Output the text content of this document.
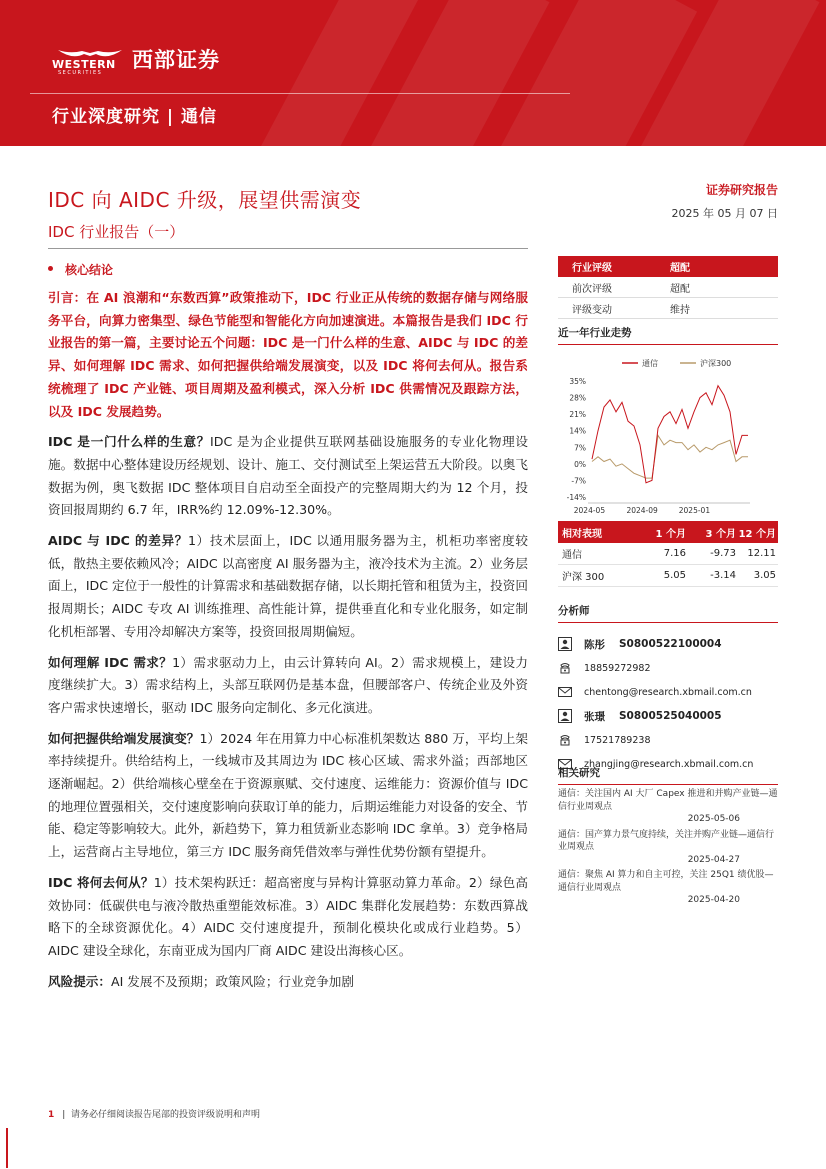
WESTERN
SECURITIES
西部证券
行业深度研究 | 通信
IDC 向 AIDC 升级，展望供需演变
IDC 行业报告（一）
证券研究报告
2025 年 05 月 07 日
核心结论

引言：在 AI 浪潮和“东数西算”政策推动下，IDC 行业正从传统的数据存储与网络服务平台，向算力密集型、绿色节能型和智能化方向加速演进。本篇报告是我们 IDC 行业报告的第一篇，主要讨论五个问题：IDC 是一门什么样的生意、AIDC 与 IDC 的差异、如何理解 IDC 需求、如何把握供给端发展演变，以及 IDC 将何去何从。报告系统梳理了 IDC 产业链、项目周期及盈利模式，深入分析 IDC 供需情况及跟踪方法，以及 IDC 发展趋势。

IDC 是一门什么样的生意？IDC 是为企业提供互联网基础设施服务的专业化物理设施。数据中心整体建设历经规划、设计、施工、交付测试至上架运营五大阶段。以奥飞数据为例，奥飞数据 IDC 整体项目自启动至全面投产的完整周期大约为 12 个月，投资回报周期约 6.7 年，IRR%约 12.09%-12.30%。

AIDC 与 IDC 的差异？1）技术层面上，IDC 以通用服务器为主，机柜功率密度较低，散热主要依赖风冷；AIDC 以高密度 AI 服务器为主，液冷技术为主流。2）业务层面上，IDC 定位于一般性的计算需求和基础数据存储，以长期托管和租赁为主，投资回报周期长；AIDC 专攻 AI 训练推理、高性能计算，提供垂直化和专业化服务，如定制化机柜部署、专用冷却解决方案等，投资回报周期偏短。

如何理解 IDC 需求？1）需求驱动力上，由云计算转向 AI。2）需求规模上，建设力度继续扩大。3）需求结构上，头部互联网仍是基本盘，但腰部客户、传统企业及外资客户需求快速增长，驱动 IDC 服务向定制化、多元化演进。

如何把握供给端发展演变？1）2024 年在用算力中心标准机架数达 880 万，平均上架率持续提升。供给结构上，一线城市及其周边为 IDC 核心区域、需求外溢；西部地区逐渐崛起。2）供给端核心壁垒在于资源禀赋、交付速度、运维能力：资源价值与 IDC 的地理位置强相关，交付速度影响向获取订单的能力，后期运维能力对设备的安全、节能、稳定等影响较大。此外，新趋势下，算力租赁新业态影响 IDC 拿单。3）竞争格局上，运营商占主导地位，第三方 IDC 服务商凭借效率与弹性优势份额有望提升。

IDC 将何去何从？1）技术架构跃迁：超高密度与异构计算驱动算力革命。2）绿色高效协同：低碳供电与液冷散热重塑能效标准。3）AIDC 集群化发展趋势：东数西算战略下的全球资源优化。4）AIDC 交付速度提升，预制化模块化或成行业趋势。5）AIDC 建设全球化，东南亚成为国内厂商 AIDC 建设出海核心区。

风险提示：AI 发展不及预期；政策风险；行业竞争加剧

行业评级	超配
前次评级	超配
评级变动	维持
近一年行业走势
通信	沪深300
35%
28%
21%
14%
7%
0%
-7%
-14%
2024-05	2024-09	2025-01
相对表现	1 个月	3 个月 12 个月
通信	7.16	-9.73	12.11
沪深 300	5.05	-3.14	3.05
分析师
陈彤 S0800522100004
18859272982
chentong@research.xbmail.com.cn
张璟 S0800525040005
17521789238
zhangjing@research.xbmail.com.cn
相关研究
通信：关注国内 AI 大厂 Capex 推进和并购产业链—通信行业周观点
2025-05-06
通信：国产算力景气度持续，关注并购产业链—通信行业周观点
2025-04-27
通信：聚焦 AI 算力和自主可控，关注 25Q1 绩优股—通信行业周观点
2025-04-20
1 |  请务必仔细阅读报告尾部的投资评级说明和声明
